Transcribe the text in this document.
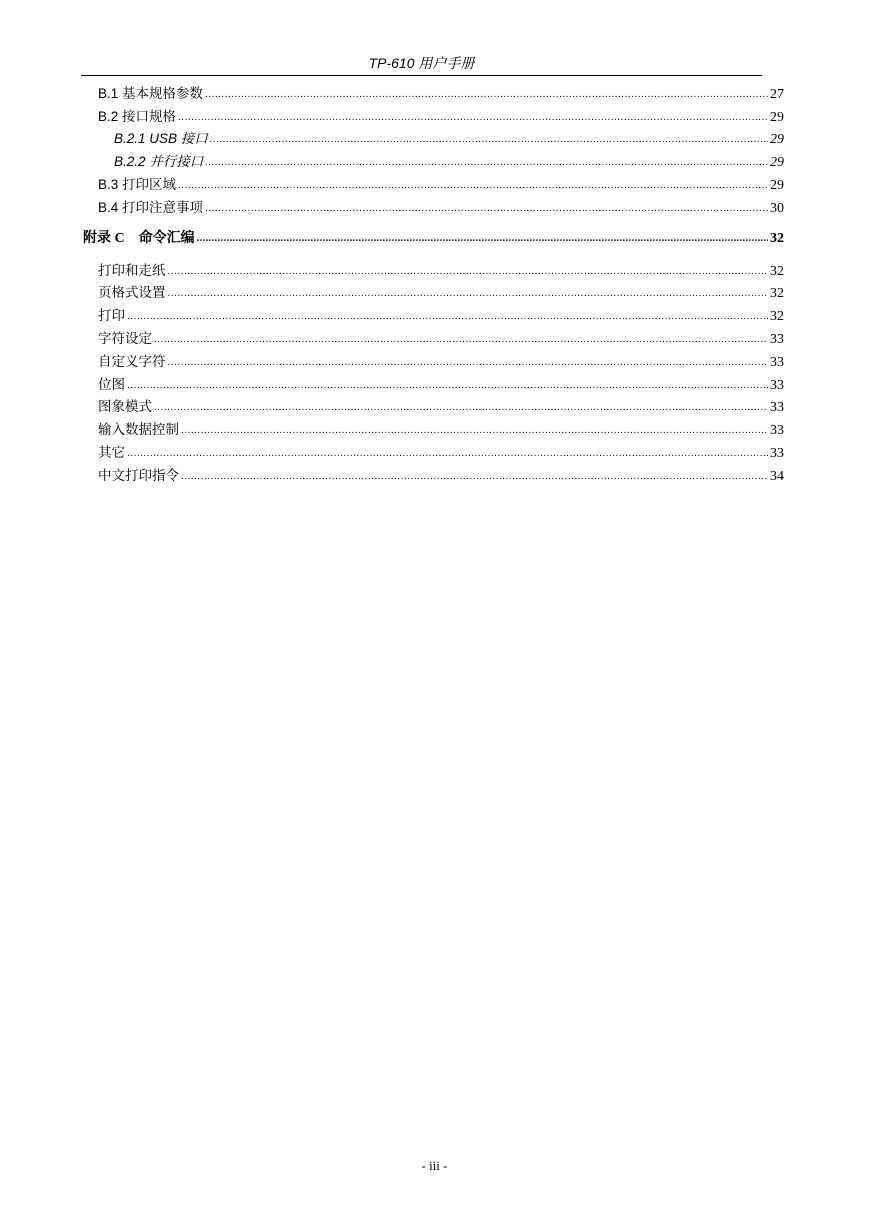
TP-610 用户手册
B.1 基本规格参数 .....	27
B.2 接口规格 .....	29
B.2.1 USB 接口 .....	29
B.2.2 并行接口 .....	29
B.3 打印区域 .....	29
B.4 打印注意事项 .....	30
附录 C　命令汇编 .....	32
打印和走纸 .....	32
页格式设置 .....	32
打印 .....	32
字符设定 .....	33
自定义字符 .....	33
位图 .....	33
图象模式 .....	33
输入数据控制 .....	33
其它 .....	33
中文打印指令 .....	34
- iii -
